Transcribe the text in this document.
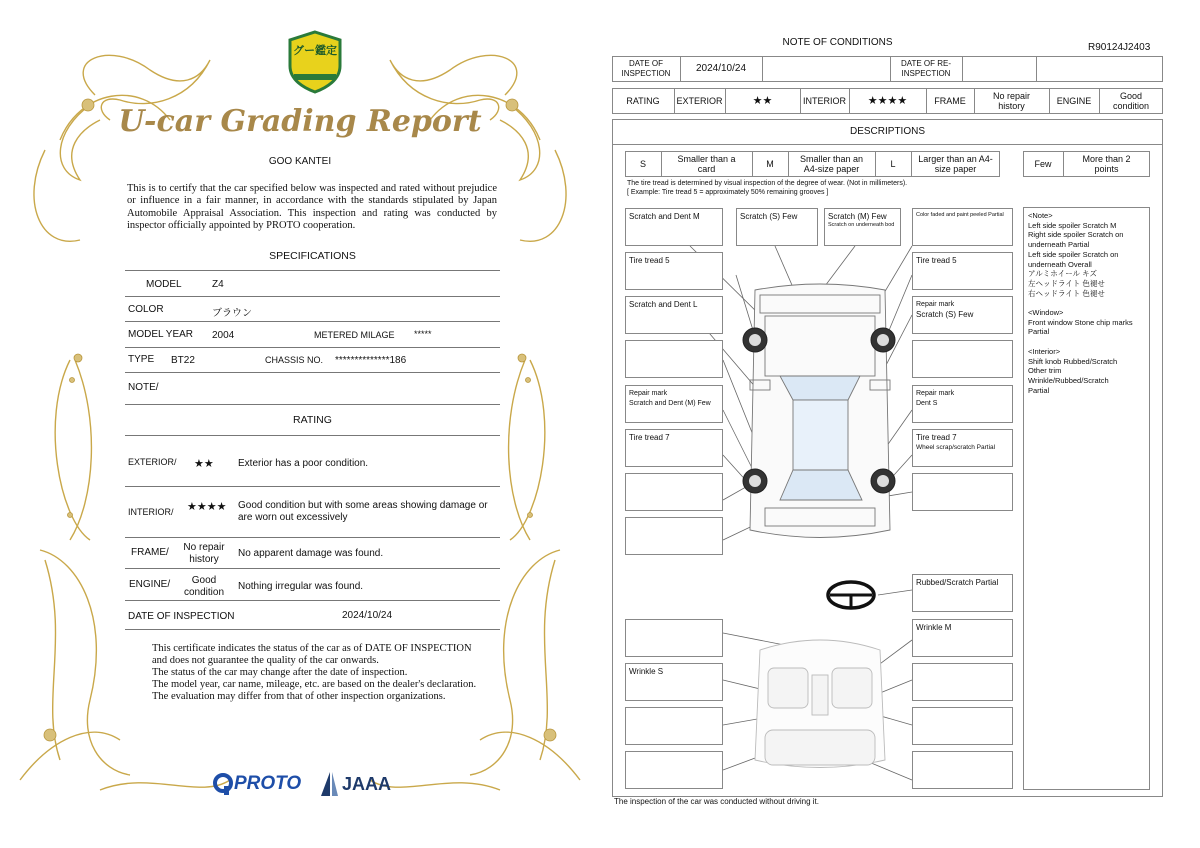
グー鑑定
U-car Grading Report
GOO KANTEI
This is to certify that the car specified below was inspected and rated without prejudice or influence in a fair manner, in accordance with the standards stipulated by Japan Automobile Appraisal Association. This inspection and rating was conducted by inspector officially appointed by PROTO cooperation.
SPECIFICATIONS
MODEL	Z4
COLOR	ブラウン
MODEL YEAR 2004	METERED MILAGE *****
TYPE BT22	CHASSIS NO. **************186
NOTE/
RATING
EXTERIOR/ ★★ Exterior has a poor condition.
INTERIOR/ ★★★★ Good condition but with some areas showing damage or are worn out excessively
FRAME/	No repair history
No apparent damage was found.
ENGINE/	Good condition
Nothing irregular was found.
DATE OF INSPECTION	2024/10/24
This certificate indicates the status of the car as of DATE OF INSPECTION and does not guarantee the quality of the car onwards.
The status of the car may change after the date of inspection.
The model year, car name, mileage, etc. are based on the dealer's declaration.
The evaluation may differ from that of other inspection organizations.
PROTO JAAA
NOTE OF CONDITIONS	R90124J2403
DATE OF INSPECTION	2024/10/24	DATE OF RE-INSPECTION
RATING	EXTERIOR	★★	INTERIOR	★★★★	FRAME	No repair history	ENGINE	Good condition
DESCRIPTIONS
S	Smaller than a card	M	Smaller than an A4-size paper	L	Larger than an A4-size paper	Few	More than 2 points
The tire tread is determined by visual inspection of the degree of wear. (Not in millimeters).
[ Example: Tire tread 5 = approximately 50% remaining grooves ]
Scratch and Dent M	Scratch (S) Few	Scratch (M) Few
Scratch on underneath bod
Color faded and paint peeled Partial
Tire tread 5	Tire tread 5
Scratch and Dent L	Repair mark
Scratch (S) Few
Repair mark
Scratch and Dent (M) Few
Repair mark
Dent S
Tire tread 7	Tire tread 7
Wheel scrap/scratch Partial
Rubbed/Scratch Partial
Wrinkle M
Wrinkle S
<Note>
Left side spoiler Scratch M
Right side spoiler Scratch on underneath Partial
Left side spoiler Scratch on underneath Overall
アルミホイール キズ
左ヘッドライト 色褪せ
右ヘッドライト 色褪せ
<Window>
Front window Stone chip marks Partial
<Interior>
Shift knob Rubbed/Scratch
Other trim
Wrinkle/Rubbed/Scratch
Partial
The inspection of the car was conducted without driving it.
